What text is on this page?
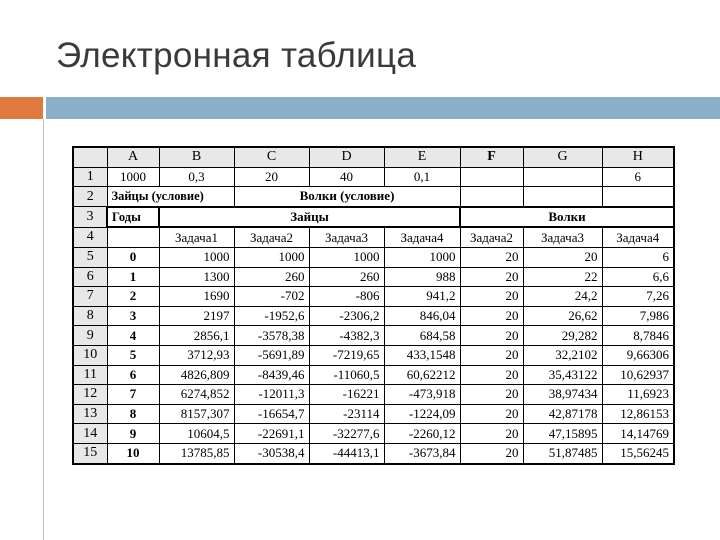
Электронная таблица
	A	B	C	D	E	F	G	H
1	1000	0,3	20	40	0,1			6
2	Зайцы (условие)		Волки (условие)					
3	Годы	Зайцы				Волки		
4		Задача1	Задача2	Задача3	Задача4	Задача2	Задача3	Задача4
5	0	1000	1000	1000	1000	20	20	6
6	1	1300	260	260	988	20	22	6,6
7	2	1690	-702	-806	941,2	20	24,2	7,26
8	3	2197	-1952,6	-2306,2	846,04	20	26,62	7,986
9	4	2856,1	-3578,38	-4382,3	684,58	20	29,282	8,7846
10	5	3712,93	-5691,89	-7219,65	433,1548	20	32,2102	9,66306
11	6	4826,809	-8439,46	-11060,5	60,62212	20	35,43122	10,62937
12	7	6274,852	-12011,3	-16221	-473,918	20	38,97434	11,6923
13	8	8157,307	-16654,7	-23114	-1224,09	20	42,87178	12,86153
14	9	10604,5	-22691,1	-32277,6	-2260,12	20	47,15895	14,14769
15	10	13785,85	-30538,4	-44413,1	-3673,84	20	51,87485	15,56245
